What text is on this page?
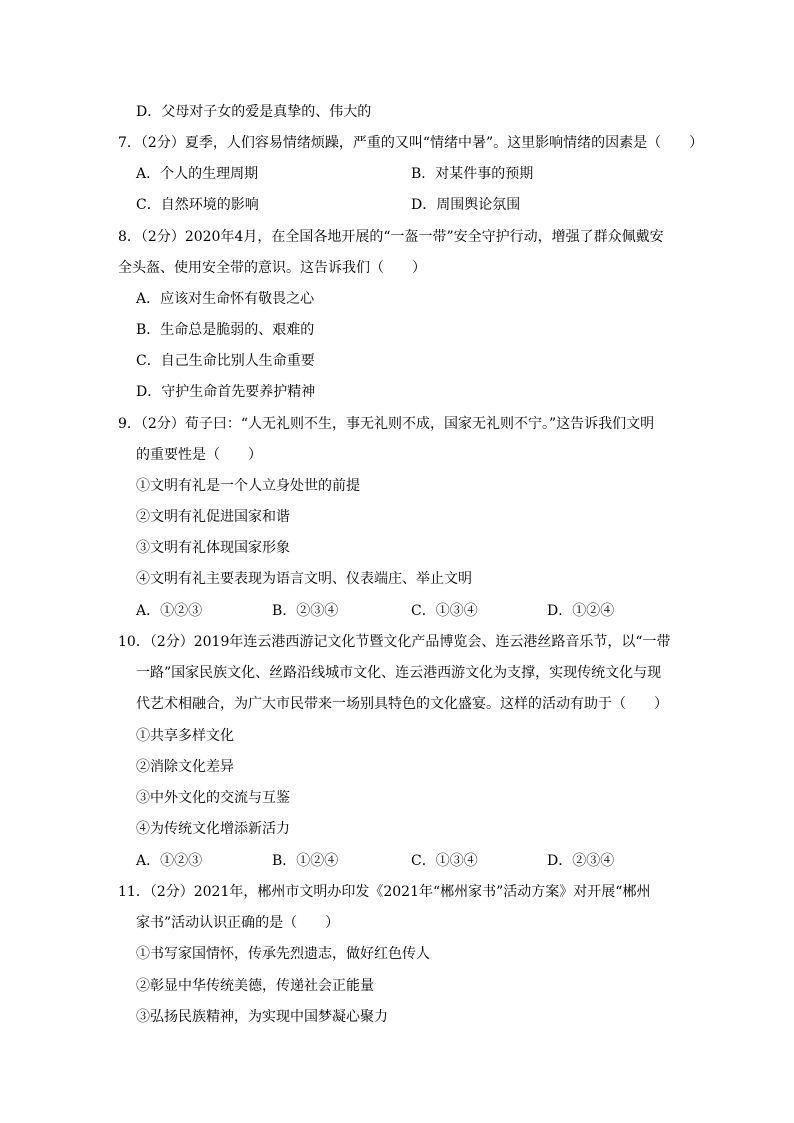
D．父母对子女的爱是真挚的、伟大的
7．（2分）夏季，人们容易情绪烦躁，严重的又叫“情绪中暑”。这里影响情绪的因素是（　　）
A．个人的生理周期	B．对某件事的预期
C．自然环境的影响	D．周围舆论氛围
8．（2分）2020年4月，在全国各地开展的“一盔一带”安全守护行动，增强了群众佩戴安
全头盔、使用安全带的意识。这告诉我们（　　）
A．应该对生命怀有敬畏之心
B．生命总是脆弱的、艰难的
C．自己生命比别人生命重要
D．守护生命首先要养护精神
9．（2分）荀子曰：“人无礼则不生，事无礼则不成，国家无礼则不宁。”这告诉我们文明
的重要性是（　　）
①文明有礼是一个人立身处世的前提
②文明有礼促进国家和谐
③文明有礼体现国家形象
④文明有礼主要表现为语言文明、仪表端庄、举止文明
A．①②③	B．②③④	C．①③④	D．①②④
10．（2分）2019年连云港西游记文化节暨文化产品博览会、连云港丝路音乐节，以“一带
一路”国家民族文化、丝路沿线城市文化、连云港西游文化为支撑，实现传统文化与现
代艺术相融合，为广大市民带来一场别具特色的文化盛宴。这样的活动有助于（　　）
①共享多样文化
②消除文化差异
③中外文化的交流与互鉴
④为传统文化增添新活力
A．①②③	B．①②④	C．①③④	D．②③④
11．（2分）2021年，郴州市文明办印发《2021年“郴州家书”活动方案》对开展“郴州
家书”活动认识正确的是（　　）
①书写家国情怀，传承先烈遗志，做好红色传人
②彰显中华传统美德，传递社会正能量
③弘扬民族精神，为实现中国梦凝心聚力
